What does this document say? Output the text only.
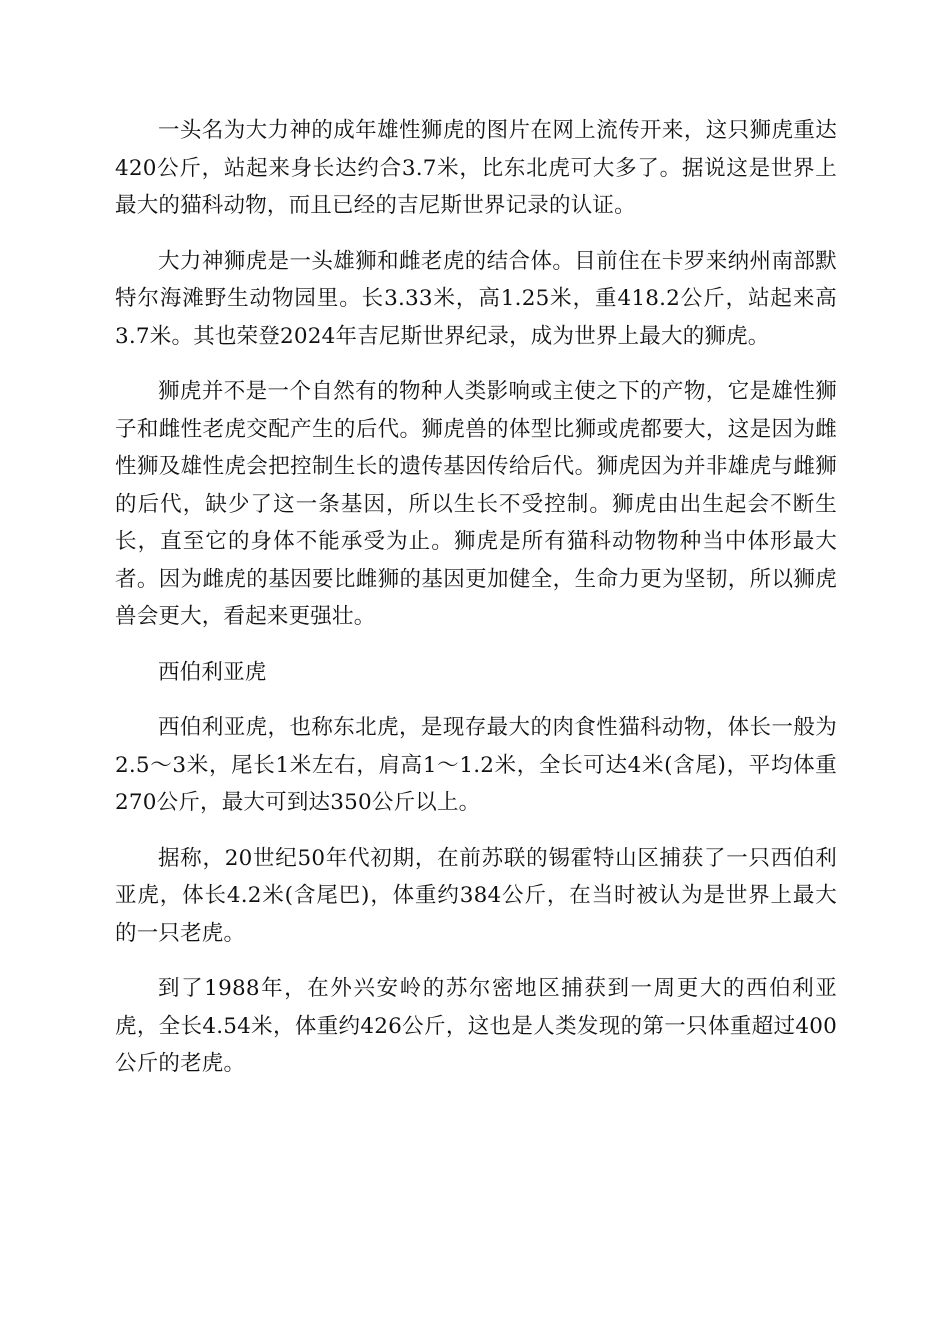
一头名为大力神的成年雄性狮虎的图片在网上流传开来，这只狮虎重达420公斤，站起来身长达约合3.7米，比东北虎可大多了。据说这是世界上最大的猫科动物，而且已经的吉尼斯世界记录的认证。

大力神狮虎是一头雄狮和雌老虎的结合体。目前住在卡罗来纳州南部默特尔海滩野生动物园里。长3.33米，高1.25米，重418.2公斤，站起来高3.7米。其也荣登2024年吉尼斯世界纪录，成为世界上最大的狮虎。

狮虎并不是一个自然有的物种人类影响或主使之下的产物，它是雄性狮子和雌性老虎交配产生的后代。狮虎兽的体型比狮或虎都要大，这是因为雌性狮及雄性虎会把控制生长的遗传基因传给后代。狮虎因为并非雄虎与雌狮的后代，缺少了这一条基因，所以生长不受控制。狮虎由出生起会不断生长，直至它的身体不能承受为止。狮虎是所有猫科动物物种当中体形最大者。因为雌虎的基因要比雌狮的基因更加健全，生命力更为坚韧，所以狮虎兽会更大，看起来更强壮。

西伯利亚虎

西伯利亚虎，也称东北虎，是现存最大的肉食性猫科动物，体长一般为2.5～3米，尾长1米左右，肩高1～1.2米，全长可达4米(含尾)，平均体重270公斤，最大可到达350公斤以上。

据称，20世纪50年代初期，在前苏联的锡霍特山区捕获了一只西伯利亚虎，体长4.2米(含尾巴)，体重约384公斤，在当时被认为是世界上最大的一只老虎。

到了1988年，在外兴安岭的苏尔密地区捕获到一周更大的西伯利亚虎，全长4.54米，体重约426公斤，这也是人类发现的第一只体重超过400公斤的老虎。
